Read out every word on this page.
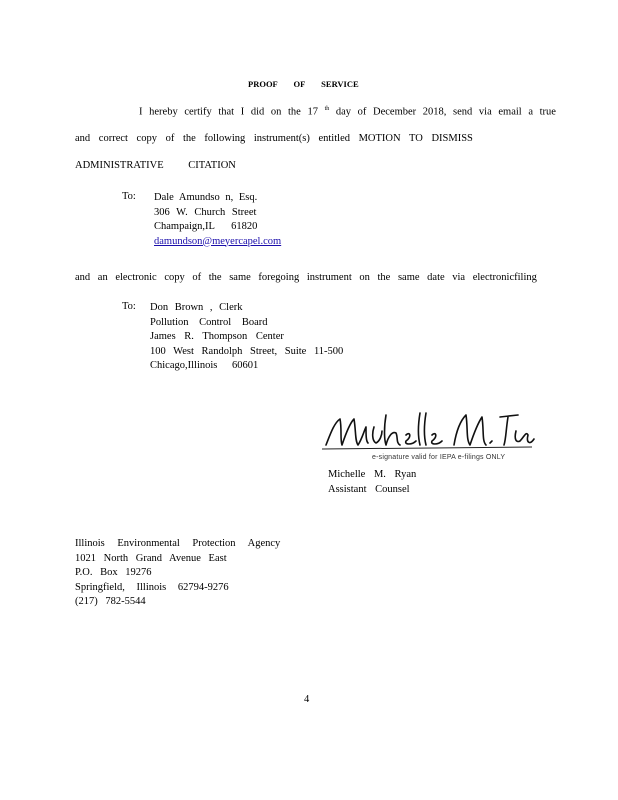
PROOF OF SERVICE
I hereby certify that I did on the 17 $^{th}$ day of December 2018, send via email a true
and correct copy of the following instrument(s) entitled MOTION TO DISMISS
ADMINISTRATIVE CITATION
To: Dale Amundso n, Esq.
306 W. Church Street
Champaign,IL 61820
damundson@meyercapel.com
and an electronic copy of the same foregoing instrument on the same date via electronicfiling
To: Don Brown , Clerk
Pollution Control Board
James R. Thompson Center
100 West Randolph Street, Suite 11-500
Chicago,Illinois 60601
e-signature valid for IEPA e-filings ONLY
Michelle M. Ryan
Assistant Counsel
Illinois Environmental Protection Agency
1021 North Grand Avenue East
P.O. Box 19276
Springfield, Illinois 62794-9276
(217) 782-5544
4
